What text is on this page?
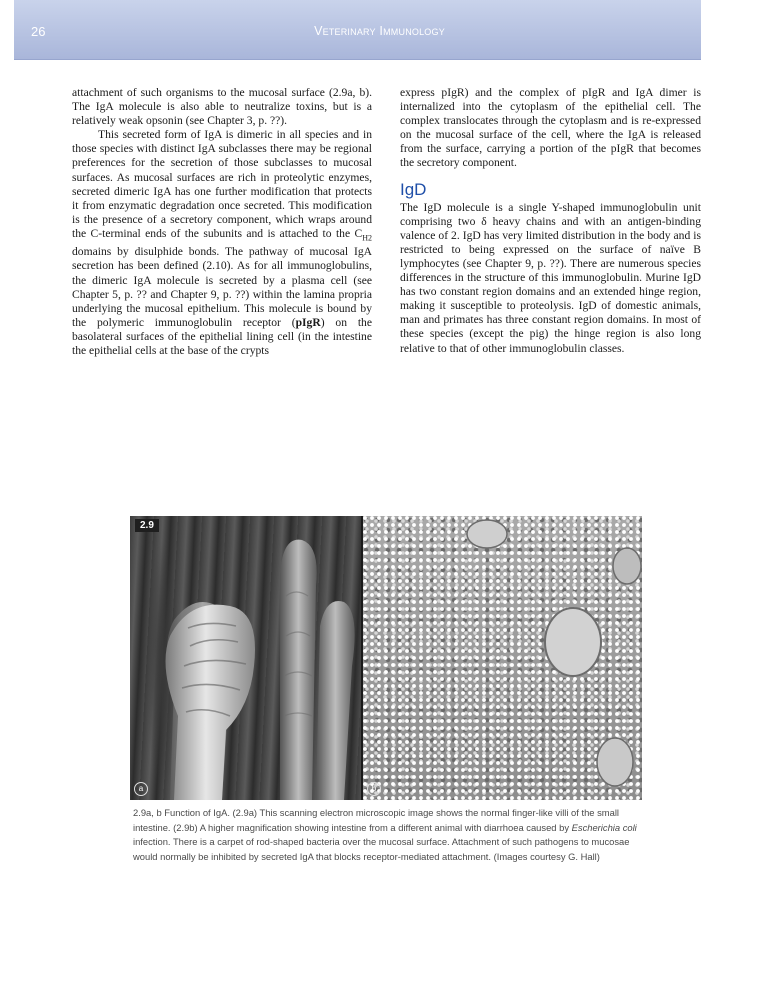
26	Veterinary Immunology

attachment of such organisms to the mucosal surface (2.9a, b). The IgA molecule is also able to neutralize toxins, but is a relatively weak opsonin (see Chapter 3, p. ??).

This secreted form of IgA is dimeric in all species and in those species with distinct IgA subclasses there may be regional preferences for the secretion of those subclasses to mucosal surfaces. As mucosal surfaces are rich in proteolytic enzymes, secreted dimeric IgA has one further modification that protects it from enzymatic degradation once secreted. This modification is the presence of a secretory component, which wraps around the C-terminal ends of the subunits and is attached to the $C_{H2}$ domains by disulphide bonds. The pathway of mucosal IgA secretion has been defined (2.10). As for all immunoglobulins, the dimeric IgA molecule is secreted by a plasma cell (see Chapter 5, p. ?? and Chapter 9, p. ??) within the lamina propria underlying the mucosal epithelium. This molecule is bound by the polymeric immunoglobulin receptor (pIgR) on the basolateral surfaces of the epithelial lining cell (in the intestine the epithelial cells at the base of the crypts

express pIgR) and the complex of pIgR and IgA dimer is internalized into the cytoplasm of the epithelial cell. The complex translocates through the cytoplasm and is re-expressed on the mucosal surface of the cell, where the IgA is released from the surface, carrying a portion of the pIgR that becomes the secretory component.

IgD

The IgD molecule is a single Y-shaped immunoglobulin unit comprising two δ heavy chains and with an antigen-binding valence of 2. IgD has very limited distribution in the body and is restricted to being expressed on the surface of naïve B lymphocytes (see Chapter 9, p. ??). There are numerous species differences in the structure of this immunoglobulin. Murine IgD has two constant region domains and an extended hinge region, making it susceptible to proteolysis. IgD of domestic animals, man and primates has three constant region domains. In most of these species (except the pig) the hinge region is also long relative to that of other immunoglobulin classes.

2.9
a	b
2.9a, b Function of IgA. (2.9a) This scanning electron microscopic image shows the normal finger-like villi of the small intestine. (2.9b) A higher magnification showing intestine from a different animal with diarrhoea caused by Escherichia coli infection. There is a carpet of rod-shaped bacteria over the mucosal surface. Attachment of such pathogens to mucosae would normally be inhibited by secreted IgA that blocks receptor-mediated attachment. (Images courtesy G. Hall)
